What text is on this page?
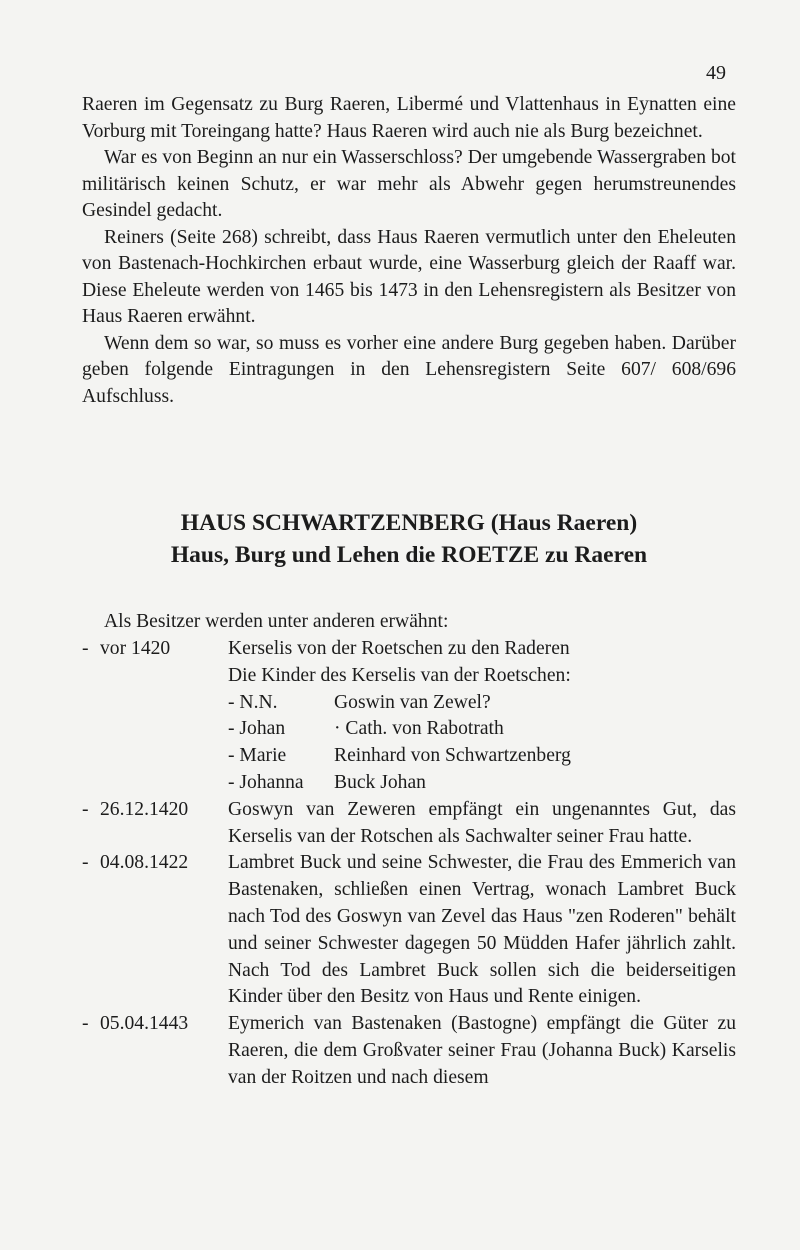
49

Raeren im Gegensatz zu Burg Raeren, Libermé und Vlattenhaus in Eynatten eine Vorburg mit Toreingang hatte? Haus Raeren wird auch nie als Burg bezeichnet.

War es von Beginn an nur ein Wasserschloss? Der umgebende Wassergraben bot militärisch keinen Schutz, er war mehr als Abwehr gegen herumstreunendes Gesindel gedacht.

Reiners (Seite 268) schreibt, dass Haus Raeren vermutlich unter den Eheleuten von Bastenach-Hochkirchen erbaut wurde, eine Wasserburg gleich der Raaff war. Diese Eheleute werden von 1465 bis 1473 in den Lehensregistern als Besitzer von Haus Raeren erwähnt.

Wenn dem so war, so muss es vorher eine andere Burg gegeben haben. Darüber geben folgende Eintragungen in den Lehensregistern Seite 607/ 608/696 Aufschluss.

HAUS SCHWARTZENBERG (Haus Raeren)
Haus, Burg und Lehen die ROETZE zu Raeren
Als Besitzer werden unter anderen erwähnt:
- vor 1420	Kerselis von der Roetschen zu den Raderen
Die Kinder des Kerselis van der Roetschen:
- N.N.	Goswin van Zewel?
- Johan	· Cath. von Rabotrath
- Marie	Reinhard von Schwartzenberg
- Johanna	Buck Johan
- 26.12.1420	Goswyn van Zeweren empfängt ein ungenanntes Gut, das Kerselis van der Rotschen als Sachwalter seiner Frau hatte.
- 04.08.1422	Lambret Buck und seine Schwester, die Frau des Emmerich van Bastenaken, schließen einen Vertrag, wonach Lambret Buck nach Tod des Goswyn van Zevel das Haus "zen Roderen" behält und seiner Schwester dagegen 50 Müdden Hafer jährlich zahlt. Nach Tod des Lambret Buck sollen sich die beiderseitigen Kinder über den Besitz von Haus und Rente einigen.
- 05.04.1443	Eymerich van Bastenaken (Bastogne) empfängt die Güter zu Raeren, die dem Großvater seiner Frau (Johanna Buck) Karselis van der Roitzen und nach diesem
